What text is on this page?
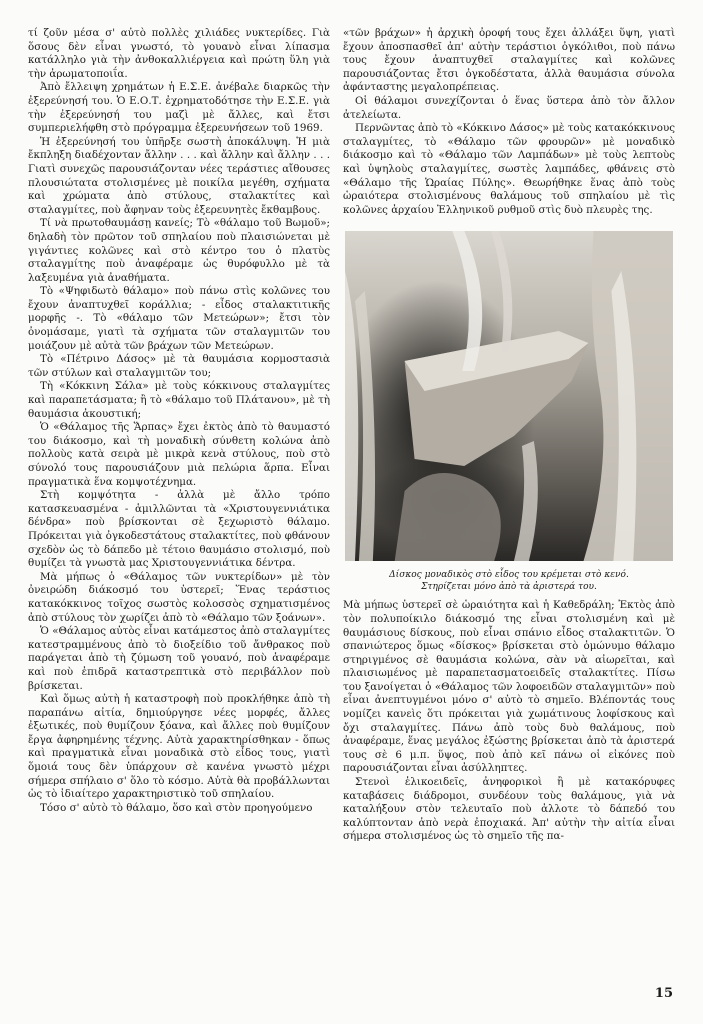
τί ζοῦν μέσα σ' αὐτὸ πολλὲς χιλιάδες νυκτερίδες. Γιὰ ὅσους δὲν εἶναι γνωστό, τὸ γουανὸ εἶναι λίπασμα κατάλληλο γιὰ τὴν ἀνθοκαλλιέργεια καὶ πρώτη ὕλη γιὰ τὴν ἀρωματοποιΐα.

Ἀπὸ ἔλλειψη χρημάτων ἡ Ε.Σ.Ε. ἀνέβαλε διαρκῶς τὴν ἐξερεύνησή του. Ὁ Ε.Ο.Τ. ἐχρηματοδότησε τὴν Ε.Σ.Ε. γιὰ τὴν ἐξερεύνησή του μαζὶ μὲ ἄλλες, καὶ ἔτσι συμπεριελήφθη στὸ πρόγραμμα ἐξερευνήσεων τοῦ 1969.

Ἡ ἐξερεύνησή του ὑπῆρξε σωστὴ ἀποκάλυψη. Ἡ μιὰ ἔκπληξη διαδέχονταν ἄλλην . . . καὶ ἄλλην καὶ ἄλλην . . . Γιατὶ συνεχῶς παρουσιάζονταν νέες τεράστιες αἴθουσες πλουσιώτατα στολισμένες μὲ ποικίλα μεγέθη, σχήματα καὶ χρώματα ἀπὸ στύλους, σταλακτίτες καὶ σταλαγμίτες, ποὺ ἄφηναν τοὺς ἐξερευνητὲς ἔκθαμβους.

Τί νὰ πρωτοθαυμάσῃ κανείς; Τὸ «θάλαμο τοῦ Βωμοῦ»; δηλαδὴ τὸν πρῶτον τοῦ σπηλαίου ποὺ πλαισιώνεται μὲ γιγάντιες κολῶνες καὶ στὸ κέντρο του ὁ πλατὺς σταλαγμίτης ποὺ ἀναφέραμε ὡς θυρόφυλλο μὲ τὰ λαξευμένα γιὰ ἀναθήματα.

Τὸ «Ψηφιδωτὸ θάλαμο» ποὺ πάνω στὶς κολῶνες του ἔχουν ἀναπτυχθεῖ κοράλλια; - εἶδος σταλακτιτικῆς μορφῆς -. Τὸ «θάλαμο τῶν Μετεώρων»; ἔτσι τὸν ὀνομάσαμε, γιατὶ τὰ σχήματα τῶν σταλαγμιτῶν του μοιάζουν μὲ αὐτὰ τῶν βράχων τῶν Μετεώρων.

Τὸ «Πέτρινο Δάσος» μὲ τὰ θαυμάσια κορμοστασιὰ τῶν στύλων καὶ σταλαγμιτῶν του;

Τὴ «Κόκκινη Σάλα» μὲ τοὺς κόκκινους σταλαγμίτες καὶ παραπετάσματα; ἢ τὸ «θάλαμο τοῦ Πλάτανου», μὲ τὴ θαυμάσια ἀκουστική;

Ὁ «Θάλαμος τῆς Ἅρπας» ἔχει ἐκτὸς ἀπὸ τὸ θαυμαστό του διάκοσμο, καὶ τὴ μοναδικὴ σύνθετη κολώνα ἀπὸ πολλοὺς κατὰ σειρὰ μὲ μικρὰ κενὰ στύλους, ποὺ στὸ σύνολό τους παρουσιάζουν μιὰ πελώρια ἅρπα. Εἶναι πραγματικὰ ἕνα κομψοτέχνημα.

Στὴ κομψότητα - ἀλλὰ μὲ ἄλλο τρόπο κατασκευασμένα - ἁμιλλῶνται τὰ «Χριστουγεννιάτικα δένδρα» ποὺ βρίσκονται σὲ ξεχωριστὸ θάλαμο. Πρόκειται γιὰ ὀγκοδεστάτους σταλακτίτες, ποὺ φθάνουν σχεδὸν ὡς τὸ δάπεδο μὲ τέτοιο θαυμάσιο στολισμό, ποὺ θυμίζει τὰ γνωστὰ μας Χριστουγεννιάτικα δέντρα.

Μὰ μήπως ὁ «Θάλαμος τῶν νυκτερίδων» μὲ τὸν ὀνειρώδη διάκοσμό του ὑστερεῖ; Ἕνας τεράστιος κατακόκκινος τοῖχος σωστὸς κολοσσὸς σχηματισμένος ἀπὸ στύλους τὸν χωρίζει ἀπὸ τὸ «Θάλαμο τῶν ξοάνων».

Ὁ «Θάλαμος αὐτὸς εἶναι κατάμεστος ἀπὸ σταλαγμίτες κατεστραμμένους ἀπὸ τὸ διοξείδιο τοῦ ἄνθρακος ποὺ παράγεται ἀπὸ τὴ ζύμωση τοῦ γουανό, ποὺ ἀναφέραμε καὶ ποὺ ἐπιδρᾶ καταστρεπτικὰ στὸ περιβάλλον ποὺ βρίσκεται.

Καὶ ὅμως αὐτὴ ἡ καταστροφὴ ποὺ προκλήθηκε ἀπὸ τὴ παραπάνω αἰτία, δημιούργησε νέες μορφές, ἄλλες ἐξωτικές, ποὺ θυμίζουν ξόανα, καὶ ἄλλες ποὺ θυμίζουν ἔργα ἀφηρημένης τέχνης. Αὐτὰ χαρακτηρίσθηκαν - ὅπως καὶ πραγματικὰ εἶναι μοναδικὰ στὸ εἶδος τους, γιατὶ ὅμοιά τους δὲν ὑπάρχουν σὲ κανένα γνωστὸ μέχρι σήμερα σπήλαιο σ' ὅλο τὸ κόσμο. Αὐτὰ θὰ προβάλλωνται ὡς τὸ ἰδιαίτερο χαρακτηριστικὸ τοῦ σπηλαίου.

Τόσο σ' αὐτὸ τὸ θάλαμο, ὅσο καὶ στὸν προηγούμενο

«τῶν βράχων» ἡ ἀρχικὴ ὀροφή τους ἔχει ἀλλάξει ὕψη, γιατὶ ἔχουν ἀποσπασθεῖ ἀπ' αὐτὴν τεράστιοι ὀγκόλιθοι, ποὺ πάνω τους ἔχουν ἀναπτυχθεῖ σταλαγμίτες καὶ κολῶνες παρουσιάζοντας ἔτσι ὀγκοδέστατα, ἀλλὰ θαυμάσια σύνολα ἀφάνταστης μεγαλοπρέπειας.

Οἱ θάλαμοι συνεχίζονται ὁ ἕνας ὕστερα ἀπὸ τὸν ἄλλον ἀτελείωτα.

Περνῶντας ἀπὸ τὸ «Κόκκινο Δάσος» μὲ τοὺς κατακόκκινους σταλαγμίτες, τὸ «Θάλαμο τῶν φρουρῶν» μὲ μοναδικὸ διάκοσμο καὶ τὸ «Θάλαμο τῶν Λαμπάδων» μὲ τοὺς λεπτοὺς καὶ ὑψηλοὺς σταλαγμίτες, σωστὲς λαμπάδες, φθάνεις στὸ «Θάλαμο τῆς Ὡραίας Πύλης». Θεωρήθηκε ἕνας ἀπὸ τοὺς ὡραιότερα στολισμένους θαλάμους τοῦ σπηλαίου μὲ τὶς κολῶνες ἀρχαίου Ἑλληνικοῦ ρυθμοῦ στὶς δυὸ πλευρὲς της.

Δίσκος μοναδικὸς στὸ εἶδος του κρέμεται στὸ κενό.
Στηρίζεται μόνο ἀπὸ τὰ ἀριστερά του.

Μὰ μήπως ὑστερεῖ σὲ ὡραιότητα καὶ ἡ Καθεδράλη; Ἐκτὸς ἀπὸ τὸν πολυποίκιλο διάκοσμό της εἶναι στολισμένη καὶ μὲ θαυμάσιους δίσκους, ποὺ εἶναι σπάνιο εἶδος σταλακτιτῶν. Ὁ σπανιώτερος ὅμως «δίσκος» βρίσκεται στὸ ὁμώνυμο θάλαμο στηριγμένος σὲ θαυμάσια κολώνα, σὰν νὰ αἰωρεῖται, καὶ πλαισιωμένος μὲ παραπετασματοειδεῖς σταλακτίτες. Πίσω του ξανοίγεται ὁ «Θάλαμος τῶν λοφοειδῶν σταλαγμιτῶν» ποὺ εἶναι ἀνεπτυγμένοι μόνο σ' αὐτὸ τὸ σημεῖο. Βλέποντάς τους νομίζει κανεὶς ὅτι πρόκειται γιὰ χωμάτινους λοφίσκους καὶ ὄχι σταλαγμίτες. Πάνω ἀπὸ τοὺς δυὸ θαλάμους, ποὺ ἀναφέραμε, ἕνας μεγάλος ἐξώστης βρίσκεται ἀπὸ τὰ ἀριστερά τους σὲ 6 μ.π. ὕψος, ποὺ ἀπὸ κεῖ πάνω οἱ εἰκόνες ποὺ παρουσιάζονται εἶναι ἀσύλληπτες.

Στενοὶ ἑλικοειδεῖς, ἀνηφορικοὶ ἢ μὲ κατακόρυφες καταβάσεις διάδρομοι, συνδέουν τοὺς θαλάμους, γιὰ νὰ καταλήξουν στὸν τελευταῖο ποὺ ἀλλοτε τὸ δάπεδό του καλύπτονταν ἀπὸ νερὰ ἐποχιακά. Ἀπ' αὐτὴν τὴν αἰτία εἶναι σήμερα στολισμένος ὡς τὸ σημεῖο τῆς πα-

15
